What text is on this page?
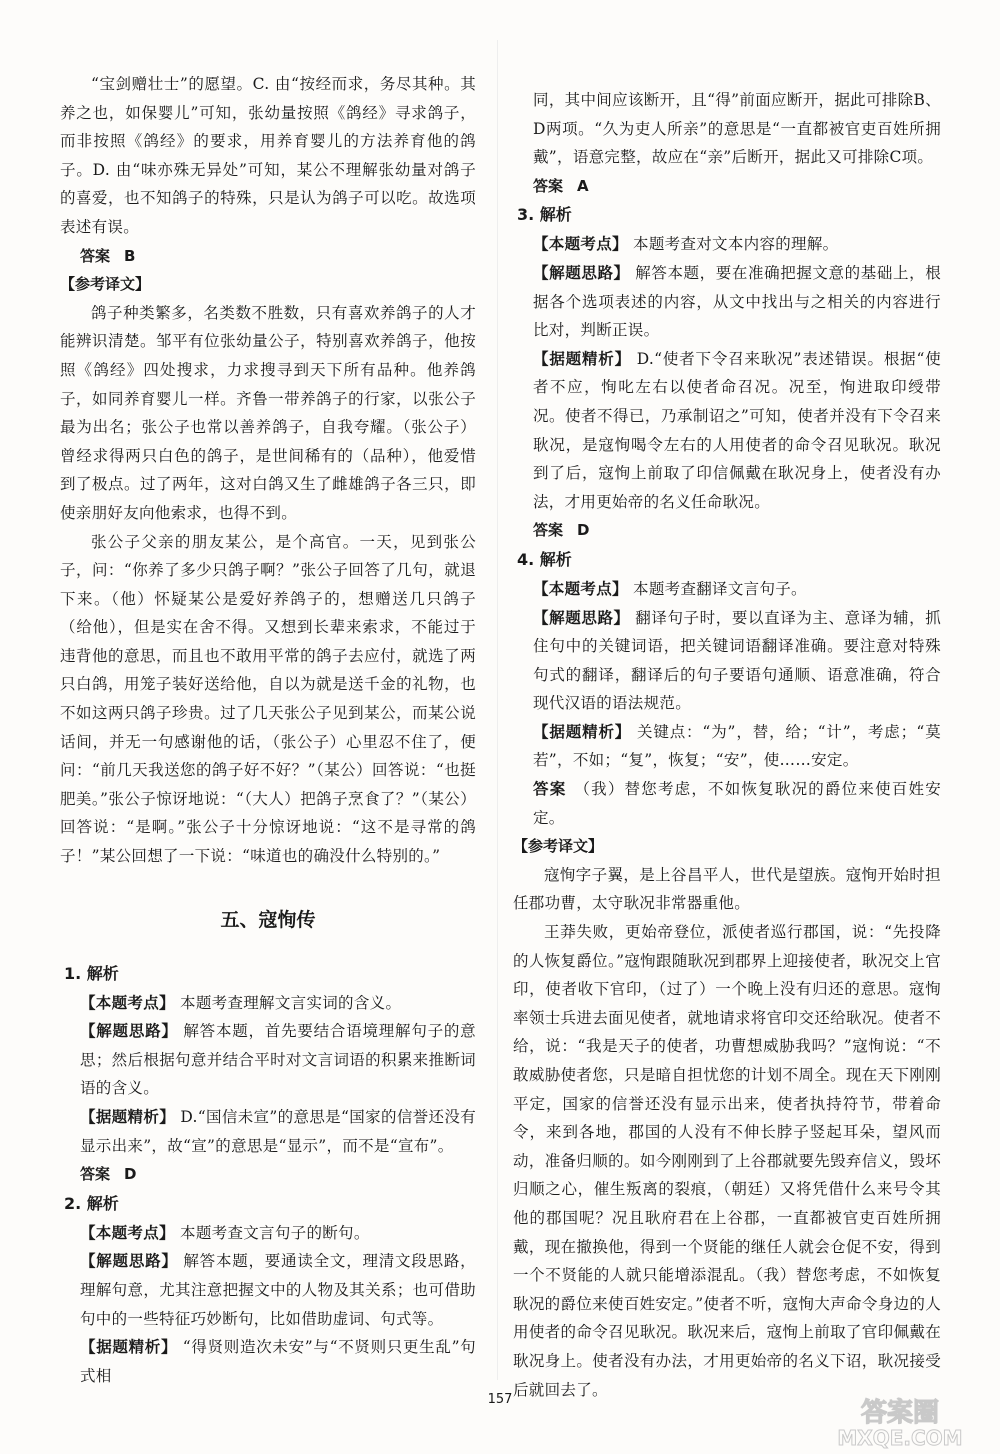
“宝剑赠壮士”的愿望。C. 由“按经而求，务尽其种。其养之也，如保婴儿”可知，张幼量按照《鸽经》寻求鸽子，而非按照《鸽经》的要求，用养育婴儿的方法养育他的鸽子。D. 由“味亦殊无异处”可知，某公不理解张幼量对鸽子的喜爱，也不知鸽子的特殊，只是认为鸽子可以吃。故选项表述有误。

答案 B
【参考译文】

鸽子种类繁多，名类数不胜数，只有喜欢养鸽子的人才能辨识清楚。邹平有位张幼量公子，特别喜欢养鸽子，他按照《鸽经》四处搜求，力求搜寻到天下所有品种。他养鸽子，如同养育婴儿一样。齐鲁一带养鸽子的行家，以张公子最为出名；张公子也常以善养鸽子，自我夸耀。（张公子）曾经求得两只白色的鸽子，是世间稀有的（品种），他爱惜到了极点。过了两年，这对白鸽又生了雌雄鸽子各三只，即使亲朋好友向他索求，也得不到。

张公子父亲的朋友某公，是个高官。一天，见到张公子，问：“你养了多少只鸽子啊？”张公子回答了几句，就退下来。（他）怀疑某公是爱好养鸽子的，想赠送几只鸽子（给他），但是实在舍不得。又想到长辈来索求，不能过于违背他的意思，而且也不敢用平常的鸽子去应付，就选了两只白鸽，用笼子装好送给他，自以为就是送千金的礼物，也不如这两只鸽子珍贵。过了几天张公子见到某公，而某公说话间，并无一句感谢他的话，（张公子）心里忍不住了，便问：“前几天我送您的鸽子好不好？”（某公）回答说：“也挺肥美。”张公子惊讶地说：“（大人）把鸽子烹食了？”（某公）回答说：“是啊。”张公子十分惊讶地说：“这不是寻常的鸽子！”某公回想了一下说：“味道也的确没什么特别的。”

五、寇恂传
1. 解析

【本题考点】 本题考查理解文言实词的含义。

【解题思路】 解答本题，首先要结合语境理解句子的意思；然后根据句意并结合平时对文言词语的积累来推断词语的含义。

【据题精析】 D.“国信未宣”的意思是“国家的信誉还没有显示出来”，故“宣”的意思是“显示”，而不是“宣布”。

答案 D
2. 解析

【本题考点】 本题考查文言句子的断句。

【解题思路】 解答本题，要通读全文，理清文段思路，理解句意，尤其注意把握文中的人物及其关系；也可借助句中的一些特征巧妙断句，比如借助虚词、句式等。

【据题精析】 “得贤则造次未安”与“不贤则只更生乱”句式相

同，其中间应该断开，且“得”前面应断开，据此可排除B、D两项。“久为吏人所亲”的意思是“一直都被官吏百姓所拥戴”，语意完整，故应在“亲”后断开，据此又可排除C项。

答案 A
3. 解析

【本题考点】 本题考查对文本内容的理解。

【解题思路】 解答本题，要在准确把握文意的基础上，根据各个选项表述的内容，从文中找出与之相关的内容进行比对，判断正误。

【据题精析】 D.“使者下令召来耿况”表述错误。根据“使者不应，恂叱左右以使者命召况。况至，恂进取印绶带况。使者不得已，乃承制诏之”可知，使者并没有下令召来耿况，是寇恂喝令左右的人用使者的命令召见耿况。耿况到了后，寇恂上前取了印信佩戴在耿况身上，使者没有办法，才用更始帝的名义任命耿况。

答案 D
4. 解析

【本题考点】 本题考查翻译文言句子。

【解题思路】 翻译句子时，要以直译为主、意译为辅，抓住句中的关键词语，把关键词语翻译准确。要注意对特殊句式的翻译，翻译后的句子要语句通顺、语意准确，符合现代汉语的语法规范。

【据题精析】 关键点：“为”，替，给；“计”，考虑；“莫若”，不如；“复”，恢复；“安”，使……安定。

答案 （我）替您考虑，不如恢复耿况的爵位来使百姓安定。

【参考译文】

寇恂字子翼，是上谷昌平人，世代是望族。寇恂开始时担任郡功曹，太守耿况非常器重他。

王莽失败，更始帝登位，派使者巡行郡国，说：“先投降的人恢复爵位。”寇恂跟随耿况到郡界上迎接使者，耿况交上官印，使者收下官印，（过了）一个晚上没有归还的意思。寇恂率领士兵进去面见使者，就地请求将官印交还给耿况。使者不给，说：“我是天子的使者，功曹想威胁我吗？”寇恂说：“不敢威胁使者您，只是暗自担忧您的计划不周全。现在天下刚刚平定，国家的信誉还没有显示出来，使者执持符节，带着命令，来到各地，郡国的人没有不伸长脖子竖起耳朵，望风而动，准备归顺的。如今刚刚到了上谷郡就要先毁弃信义，毁坏归顺之心，催生叛离的裂痕，（朝廷）又将凭借什么来号令其他的郡国呢？况且耿府君在上谷郡，一直都被官吏百姓所拥戴，现在撤换他，得到一个贤能的继任人就会仓促不安，得到一个不贤能的人就只能增添混乱。（我）替您考虑，不如恢复耿况的爵位来使百姓安定。”使者不听，寇恂大声命令身边的人用使者的命令召见耿况。耿况来后，寇恂上前取了官印佩戴在耿况身上。使者没有办法，才用更始帝的名义下诏，耿况接受后就回去了。

157	答案圈
MXQE.COM
